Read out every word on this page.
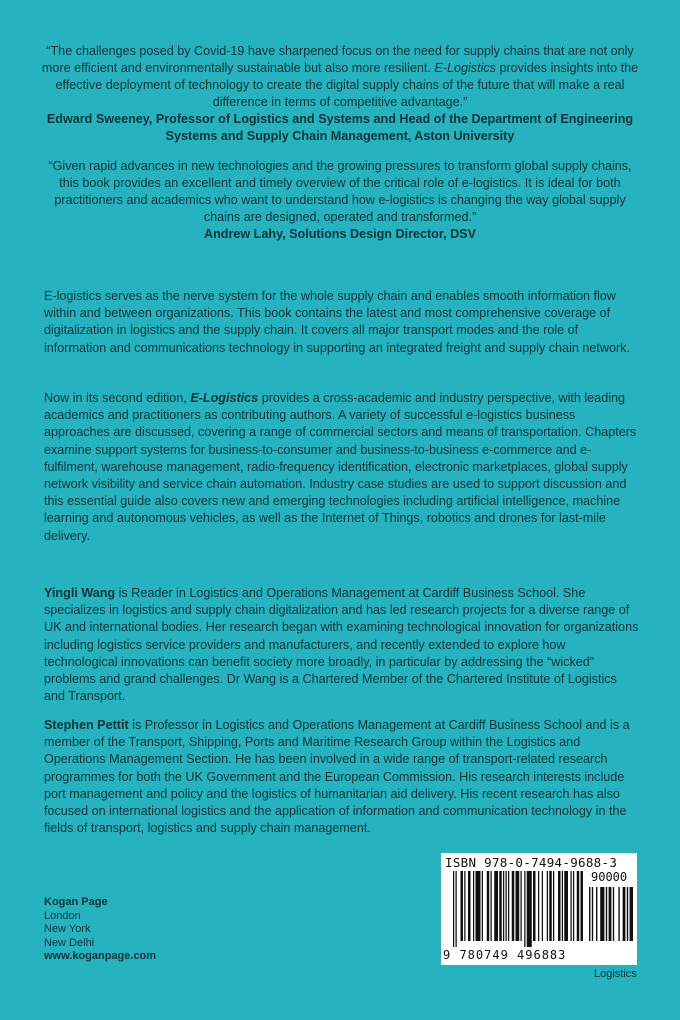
“The challenges posed by Covid-19 have sharpened focus on the need for supply chains that are not only more efficient and environmentally sustainable but also more resilient. E-Logistics provides insights into the effective deployment of technology to create the digital supply chains of the future that will make a real difference in terms of competitive advantage.”
Edward Sweeney, Professor of Logistics and Systems and Head of the Department of Engineering Systems and Supply Chain Management, Aston University
“Given rapid advances in new technologies and the growing pressures to transform global supply chains, this book provides an excellent and timely overview of the critical role of e-logistics. It is ideal for both practitioners and academics who want to understand how e-logistics is changing the way global supply chains are designed, operated and transformed.”
Andrew Lahy, Solutions Design Director, DSV
E-logistics serves as the nerve system for the whole supply chain and enables smooth information flow within and between organizations. This book contains the latest and most comprehensive coverage of digitalization in logistics and the supply chain. It covers all major transport modes and the role of information and communications technology in supporting an integrated freight and supply chain network.
Now in its second edition, E-Logistics provides a cross-academic and industry perspective, with leading academics and practitioners as contributing authors. A variety of successful e-logistics business approaches are discussed, covering a range of commercial sectors and means of transportation. Chapters examine support systems for business-to-consumer and business-to-business e-commerce and e-fulfilment, warehouse management, radio-frequency identification, electronic marketplaces, global supply network visibility and service chain automation. Industry case studies are used to support discussion and this essential guide also covers new and emerging technologies including artificial intelligence, machine learning and autonomous vehicles, as well as the Internet of Things, robotics and drones for last-mile delivery.
Yingli Wang is Reader in Logistics and Operations Management at Cardiff Business School. She specializes in logistics and supply chain digitalization and has led research projects for a diverse range of UK and international bodies. Her research began with examining technological innovation for organizations including logistics service providers and manufacturers, and recently extended to explore how technological innovations can benefit society more broadly, in particular by addressing the “wicked” problems and grand challenges. Dr Wang is a Chartered Member of the Chartered Institute of Logistics and Transport.
Stephen Pettit is Professor in Logistics and Operations Management at Cardiff Business School and is a member of the Transport, Shipping, Ports and Maritime Research Group within the Logistics and Operations Management Section. He has been involved in a wide range of transport-related research programmes for both the UK Government and the European Commission. His research interests include port management and policy and the logistics of humanitarian aid delivery. His recent research has also focused on international logistics and the application of information and communication technology in the fields of transport, logistics and supply chain management.
Kogan Page
London
New York
New Delhi
www.koganpage.com
ISBN 978-0-7494-9688-3
90000
9 780749 496883
Logistics
